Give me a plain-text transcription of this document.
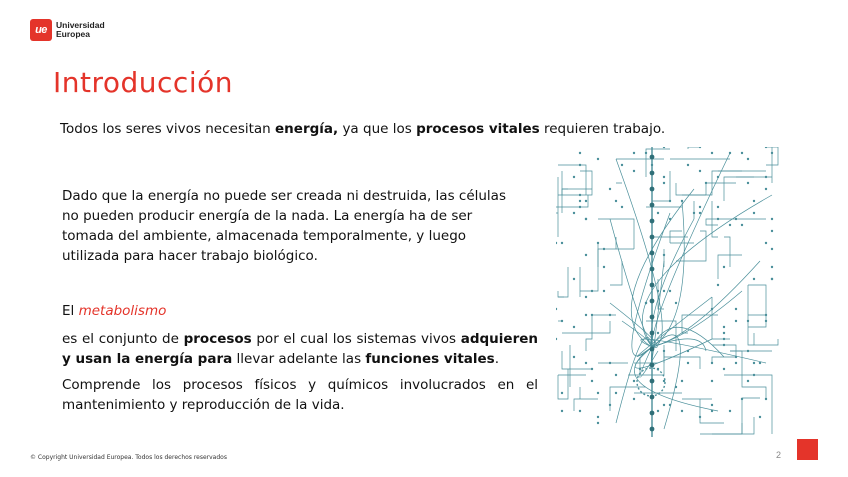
ue	Universidad
Europea
Introducción
Todos los seres vivos necesitan energía, ya que los procesos vitales requieren trabajo.
Dado que la energía no puede ser creada ni destruida, las células no pueden producir energía de la nada. La energía ha de ser tomada del ambiente, almacenada temporalmente, y luego utilizada para hacer trabajo biológico.
El metabolismo
es el conjunto de procesos por el cual los sistemas vivos adquieren y usan la energía para llevar adelante las funciones vitales.
Comprende los procesos físicos y químicos involucrados en el mantenimiento y reproducción de la vida.
© Copyright Universidad Europea. Todos los derechos reservados	2
